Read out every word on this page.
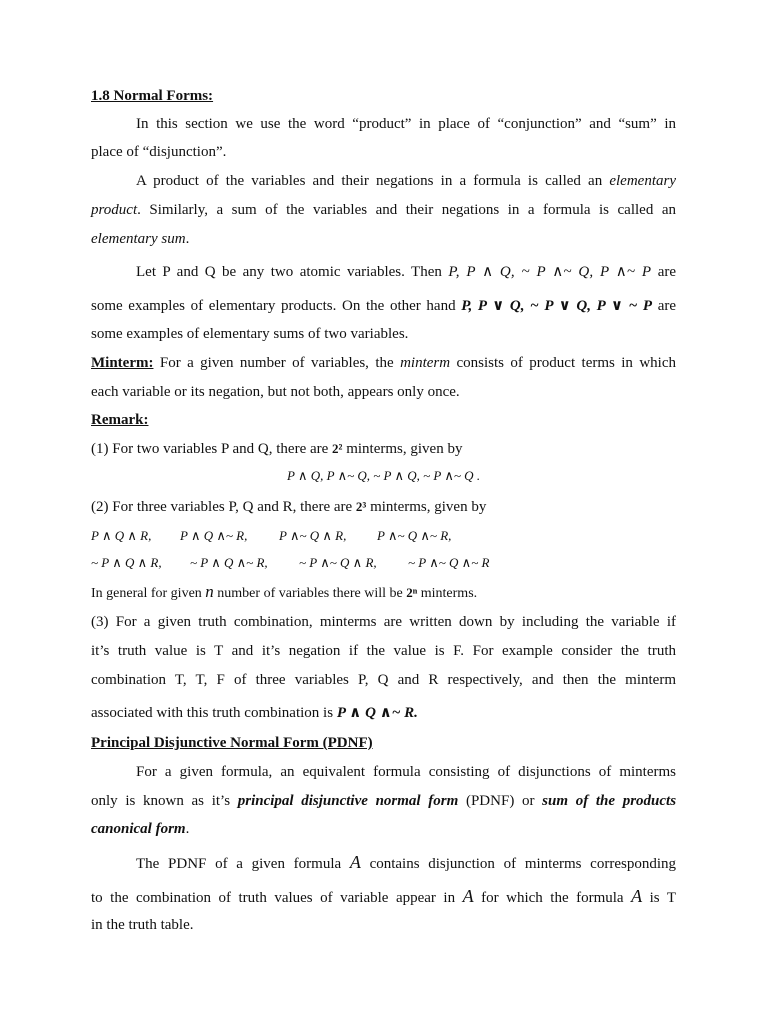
1.8 Normal Forms:
In this section we use the word “product” in place of “conjunction” and “sum” in
place of “disjunction”.
A product of the variables and their negations in a formula is called an elementary
product. Similarly, a sum of the variables and their negations in a formula is called an
elementary sum.
Let P and Q be any two atomic variables. Then P, P ∧ Q, ~ P ∧~ Q, P ∧~ P are
some examples of elementary products. On the other hand P, P ∨ Q, ~ P ∨ Q, P ∨ ~ P are
some examples of elementary sums of two variables.
Minterm: For a given number of variables, the minterm consists of product terms in which
each variable or its negation, but not both, appears only once.
Remark:
(1) For two variables P and Q, there are 2² minterms, given by
P ∧ Q, P ∧~ Q, ~ P ∧ Q, ~ P ∧~ Q .
(2) For three variables P, Q and R, there are 2³ minterms, given by
P ∧ Q ∧ R, P ∧ Q ∧~ R, P ∧~ Q ∧ R, P ∧~ Q ∧~ R,
~ P ∧ Q ∧ R, ~ P ∧ Q ∧~ R, ~ P ∧~ Q ∧ R, ~ P ∧~ Q ∧~ R
In general for given n number of variables there will be 2ⁿ minterms.
(3) For a given truth combination, minterms are written down by including the variable if
it’s truth value is T and it’s negation if the value is F. For example consider the truth
combination T, T, F of three variables P, Q and R respectively, and then the minterm
associated with this truth combination is P ∧ Q ∧~ R.
Principal Disjunctive Normal Form (PDNF)
For a given formula, an equivalent formula consisting of disjunctions of minterms
only is known as it’s principal disjunctive normal form (PDNF) or sum of the products
canonical form.
The PDNF of a given formula A contains disjunction of minterms corresponding
to the combination of truth values of variable appear in A for which the formula A is T
in the truth table.
